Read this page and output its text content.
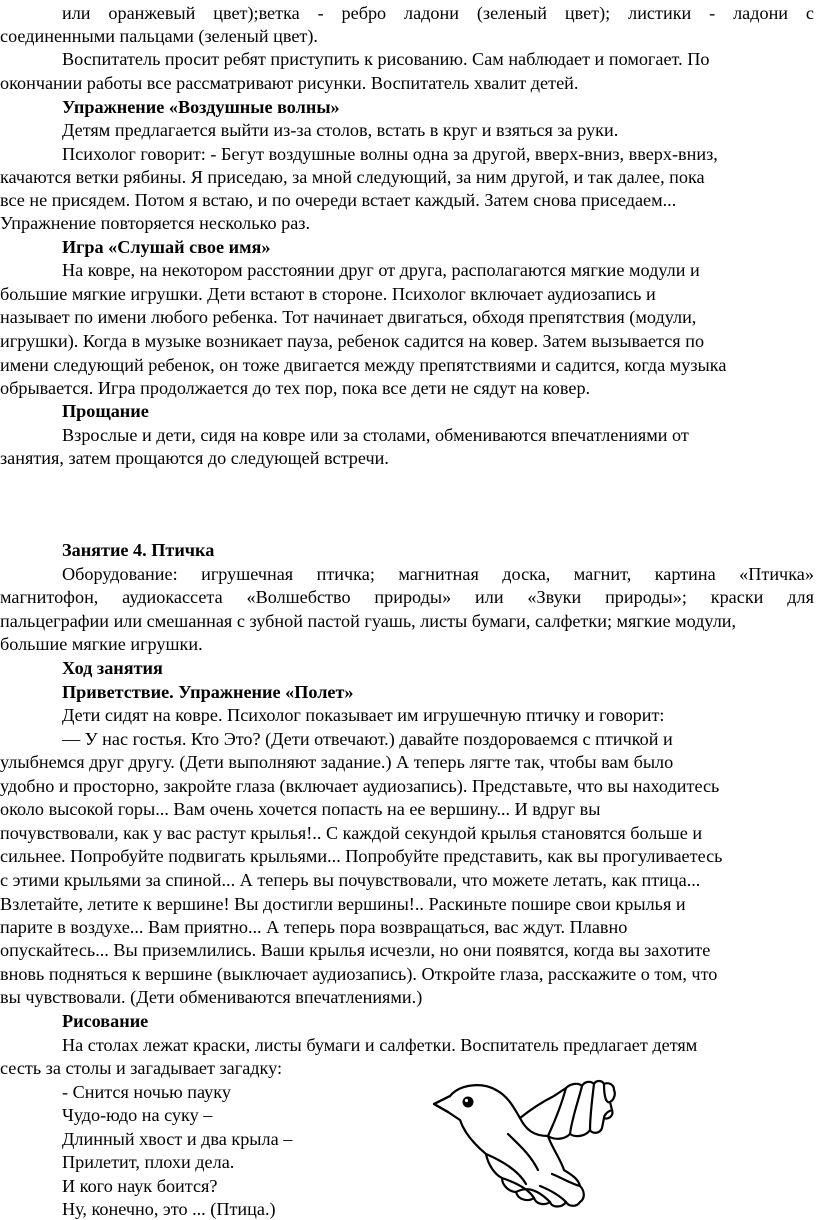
или оранжевый цвет);ветка - ребро ладони (зеленый цвет); листики - ладони с
соединенными пальцами (зеленый цвет).
Воспитатель просит ребят приступить к рисованию. Сам наблюдает и помогает. По
окончании работы все рассматривают рисунки. Воспитатель хвалит детей.
Упражнение «Воздушные волны»
Детям предлагается выйти из-за столов, встать в круг и взяться за руки.
Психолог говорит: - Бегут воздушные волны одна за другой, вверх-вниз, вверх-вниз,
качаются ветки рябины. Я приседаю, за мной следующий, за ним другой, и так далее, пока
все не присядем. Потом я встаю, и по очереди встает каждый. Затем снова приседаем...
Упражнение повторяется несколько раз.
Игра «Слушай свое имя»
На ковре, на некотором расстоянии друг от друга, располагаются мягкие модули и
большие мягкие игрушки. Дети встают в стороне. Психолог включает аудиозапись и
называет по имени любого ребенка. Тот начинает двигаться, обходя препятствия (модули,
игрушки). Когда в музыке возникает пауза, ребенок садится на ковер. Затем вызывается по
имени следующий ребенок, он тоже двигается между препятствиями и садится, когда музыка
обрывается. Игра продолжается до тех пор, пока все дети не сядут на ковер.
Прощание
Взрослые и дети, сидя на ковре или за столами, обмениваются впечатлениями от
занятия, затем прощаются до следующей встречи.
Занятие 4. Птичка
Оборудование: игрушечная птичка; магнитная доска, магнит, картина «Птичка»
магнитофон, аудиокассета «Волшебство природы» или «Звуки природы»; краски для
пальцеграфии или смешанная с зубной пастой гуашь, листы бумаги, салфетки; мягкие модули,
большие мягкие игрушки.
Ход занятия
Приветствие. Упражнение «Полет»
Дети сидят на ковре. Психолог показывает им игрушечную птичку и говорит:
— У нас гостья. Кто Это? (Дети отвечают.) давайте поздороваемся с птичкой и
улыбнемся друг другу. (Дети выполняют задание.) А теперь лягте так, чтобы вам было
удобно и просторно, закройте глаза (включает аудиозапись). Представьте, что вы находитесь
около высокой горы... Вам очень хочется попасть на ее вершину... И вдруг вы
почувствовали, как у вас растут крылья!.. С каждой секундой крылья становятся больше и
сильнее. Попробуйте подвигать крыльями... Попробуйте представить, как вы прогуливаетесь
с этими крыльями за спиной... А теперь вы почувствовали, что можете летать, как птица...
Взлетайте, летите к вершине! Вы достигли вершины!.. Раскиньте пошире свои крылья и
парите в воздухе... Вам приятно... А теперь пора возвращаться, вас ждут. Плавно
опускайтесь... Вы приземлились. Ваши крылья исчезли, но они появятся, когда вы захотите
вновь подняться к вершине (выключает аудиозапись). Откройте глаза, расскажите о том, что
вы чувствовали. (Дети обмениваются впечатлениями.)
Рисование
На столах лежат краски, листы бумаги и салфетки. Воспитатель предлагает детям
сесть за столы и загадывает загадку:
- Снится ночью пауку
Чудо-юдо на суку –
Длинный хвост и два крыла –
Прилетит, плохи дела.
И кого наук боится?
Ну, конечно, это ... (Птица.)
